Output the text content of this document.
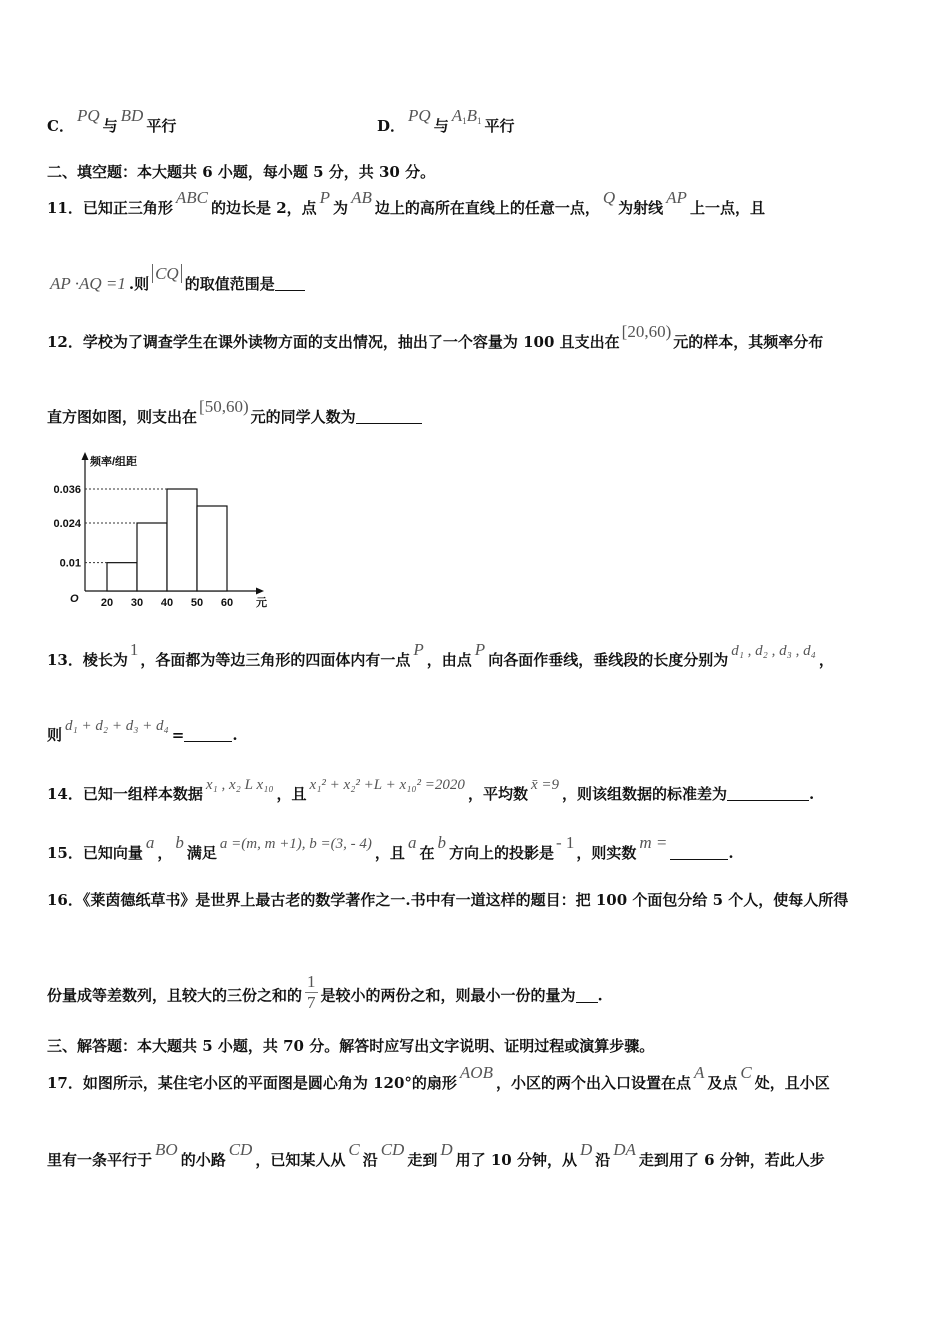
C．PQ与BD平行	D．PQ与$A_1B_1$ 平行
二、填空题：本大题共 6 小题，每小题 5 分，共 30 分。
11．已知正三角形ABC的边长是 2，点P为AB边上的高所在直线上的任意一点，Q为射线AP上一点，且
AP ·AQ =1 .则CQ的取值范围是
12．学校为了调查学生在课外读物方面的支出情况，抽出了一个容量为 100 且支出在[20,60)元的样本，其频率分布
直方图如图，则支出在[50,60)元的同学人数为
频率/组距
元
O
0.01
0.024
0.036
20 30 40 50 60
13．棱长为1，各面都为等边三角形的四面体内有一点P，由点P向各面作垂线，垂线段的长度分别为 d₁ , d₂ , d₃ , d₄ ，
则 d₁ + d₂ + d₃ + d₄ =	.
14．已知一组样本数据 x₁ , x₂ L x₁₀ ，且 x₁² + x₂² +L + x₁₀² =2020 ，平均数 x̄ =9 ，则该组数据的标准差为	.
15．已知向量a，b满足 a =(m, m +1), b =(3, - 4) ，且a在b方向上的投影是- 1，则实数m =.
16．《莱茵德纸草书》是世界上最古老的数学著作之一.书中有一道这样的题目：把 100 个面包分给 5 个人，使每人所得
份量成等差数列，且较大的三份之和的 $\frac{1}{7}$ 是较小的两份之和，则最小一份的量为 .
三、解答题：本大题共 5 小题，共 70 分。解答时应写出文字说明、证明过程或演算步骤。
17．如图所示，某住宅小区的平面图是圆心角为 120°的扇形AOB，小区的两个出入口设置在点A及点C处，且小区
里有一条平行于BO的小路CD，已知某人从C沿CD走到D用了 10 分钟，从D沿DA走到用了 6 分钟，若此人步
